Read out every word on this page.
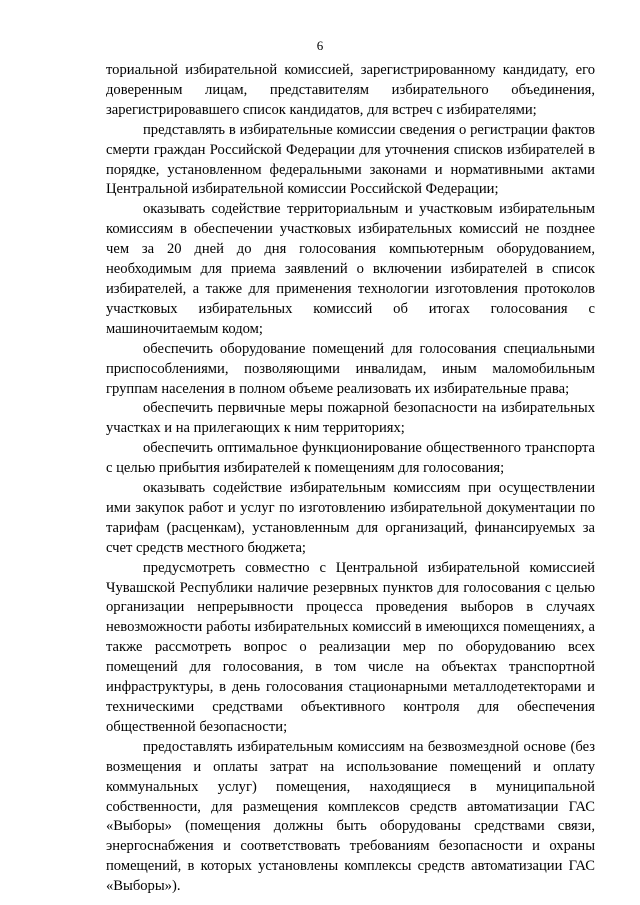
6

ториальной избирательной комиссией, зарегистрированному кандидату, его доверенным лицам, представителям избирательного объединения, зарегистрировавшего список кандидатов, для встреч с избирателями;

представлять в избирательные комиссии сведения о регистрации фактов смерти граждан Российской Федерации для уточнения списков избирателей в порядке, установленном федеральными законами и нормативными актами Центральной избирательной комиссии Российской Федерации;

оказывать содействие территориальным и участковым избирательным комиссиям в обеспечении участковых избирательных комиссий не позднее чем за 20 дней до дня голосования компьютерным оборудованием, необходимым для приема заявлений о включении избирателей в список избирателей, а также для применения технологии изготовления протоколов участковых избирательных комиссий об итогах голосования с машиночитаемым кодом;

обеспечить оборудование помещений для голосования специальными приспособлениями, позволяющими инвалидам, иным маломобильным группам населения в полном объеме реализовать их избирательные права;

обеспечить первичные меры пожарной безопасности на избирательных участках и на прилегающих к ним территориях;

обеспечить оптимальное функционирование общественного транспорта с целью прибытия избирателей к помещениям для голосования;

оказывать содействие избирательным комиссиям при осуществлении ими закупок работ и услуг по изготовлению избирательной документации по тарифам (расценкам), установленным для организаций, финансируемых за счет средств местного бюджета;

предусмотреть совместно с Центральной избирательной комиссией Чувашской Республики наличие резервных пунктов для голосования с целью организации непрерывности процесса проведения выборов в случаях невозможности работы избирательных комиссий в имеющихся помещениях, а также рассмотреть вопрос о реализации мер по оборудованию всех помещений для голосования, в том числе на объектах транспортной инфраструктуры, в день голосования стационарными металлодетекторами и техническими средствами объективного контроля для обеспечения общественной безопасности;

предоставлять избирательным комиссиям на безвозмездной основе (без возмещения и оплаты затрат на использование помещений и оплату коммунальных услуг) помещения, находящиеся в муниципальной собственности, для размещения комплексов средств автоматизации ГАС «Выборы» (помещения должны быть оборудованы средствами связи, энергоснабжения и соответствовать требованиям безопасности и охраны помещений, в которых установлены комплексы средств автоматизации ГАС «Выборы»).
